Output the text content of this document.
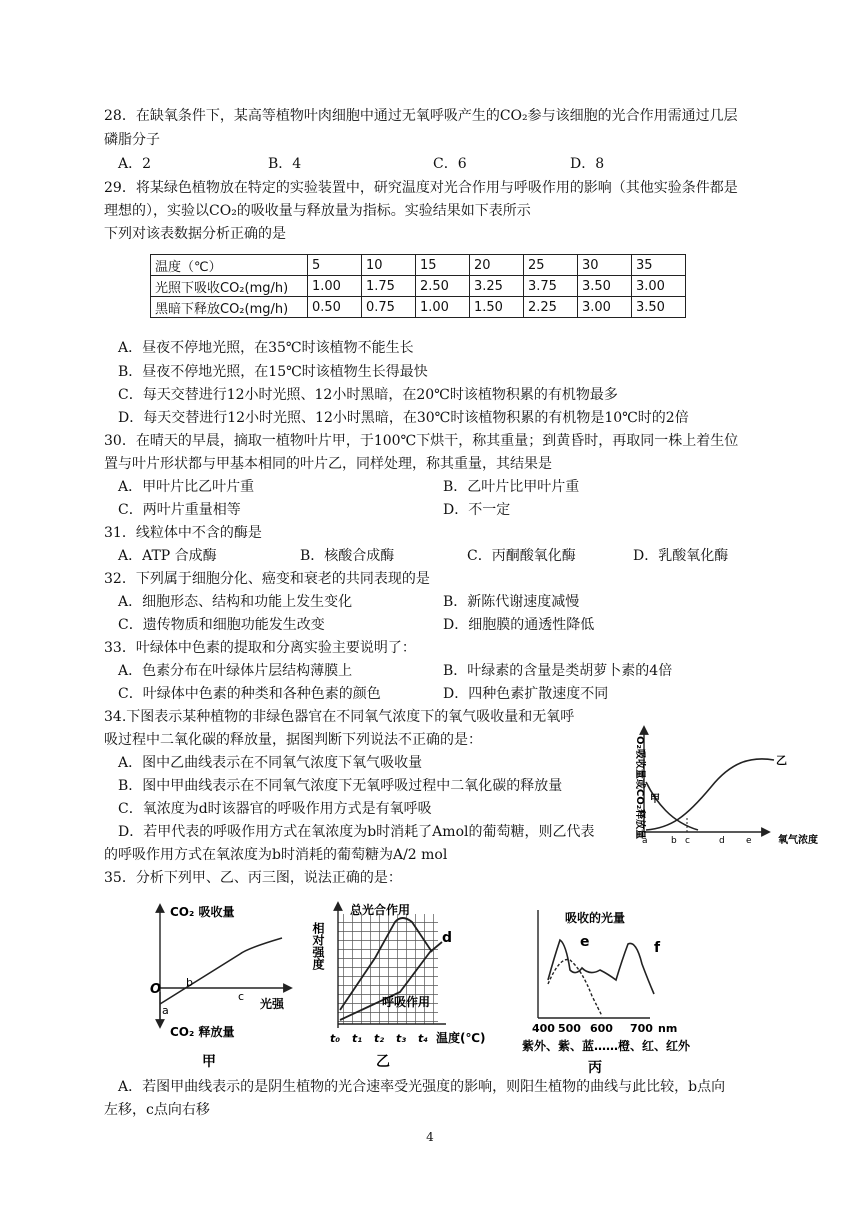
28．在缺氧条件下，某高等植物叶肉细胞中通过无氧呼吸产生的CO₂参与该细胞的光合作用需通过几层
磷脂分子
A．2	B．4	C．6	D．8
29．将某绿色植物放在特定的实验装置中，研究温度对光合作用与呼吸作用的影响（其他实验条件都是
理想的），实验以CO₂的吸收量与释放量为指标。实验结果如下表所示
下列对该表数据分析正确的是
温度（℃）	5	10	15	20	25	30	35
光照下吸收CO₂(mg/h)	1.00	1.75	2.50	3.25	3.75	3.50	3.00
黑暗下释放CO₂(mg/h)	0.50	0.75	1.00	1.50	2.25	3.00	3.50
A．昼夜不停地光照，在35℃时该植物不能生长
B．昼夜不停地光照，在15℃时该植物生长得最快
C．每天交替进行12小时光照、12小时黑暗，在20℃时该植物积累的有机物最多
D．每天交替进行12小时光照、12小时黑暗，在30℃时该植物积累的有机物是10℃时的2倍
30．在晴天的早晨，摘取一植物叶片甲，于100℃下烘干，称其重量；到黄昏时，再取同一株上着生位
置与叶片形状都与甲基本相同的叶片乙，同样处理，称其重量，其结果是
A．甲叶片比乙叶片重	B．乙叶片比甲叶片重
C．两叶片重量相等	D．不一定
31．线粒体中不含的酶是
A．ATP 合成酶	B．核酸合成酶	C．丙酮酸氧化酶	D．乳酸氧化酶
32．下列属于细胞分化、癌变和衰老的共同表现的是
A．细胞形态、结构和功能上发生变化	B．新陈代谢速度减慢
C．遗传物质和细胞功能发生改变	D．细胞膜的通透性降低
33．叶绿体中色素的提取和分离实验主要说明了：
A．色素分布在叶绿体片层结构薄膜上	B．叶绿素的含量是类胡萝卜素的4倍
C．叶绿体中色素的种类和各种色素的颜色	D．四种色素扩散速度不同
34.下图表示某种植物的非绿色器官在不同氧气浓度下的氧气吸收量和无氧呼
吸过程中二氧化碳的释放量，据图判断下列说法不正确的是：
A．图中乙曲线表示在不同氧气浓度下氧气吸收量
B．图中甲曲线表示在不同氧气浓度下无氧呼吸过程中二氧化碳的释放量
C．氧浓度为d时该器官的呼吸作用方式是有氧呼吸
D．若甲代表的呼吸作用方式在氧浓度为b时消耗了Amol的葡萄糖，则乙代表
的呼吸作用方式在氧浓度为b时消耗的葡萄糖为A/2 mol
O₂吸收量或CO₂释放量 甲
乙
a	b c	d e	氧气浓度
35．分析下列甲、乙、丙三图，说法正确的是：
CO₂ 吸收量
O b
a
c
光强
CO₂ 释放量
甲
相对强度
总光合作用
d
呼吸作用
t₀ t₁ t₂ t₃ t₄ 温度(℃)
乙
吸收的光量
e	f
400 500 600 700 nm
紫外、紫、蓝……橙、红、红外
丙
A．若图甲曲线表示的是阴生植物的光合速率受光强度的影响，则阳生植物的曲线与此比较，b点向
左移，c点向右移
4
